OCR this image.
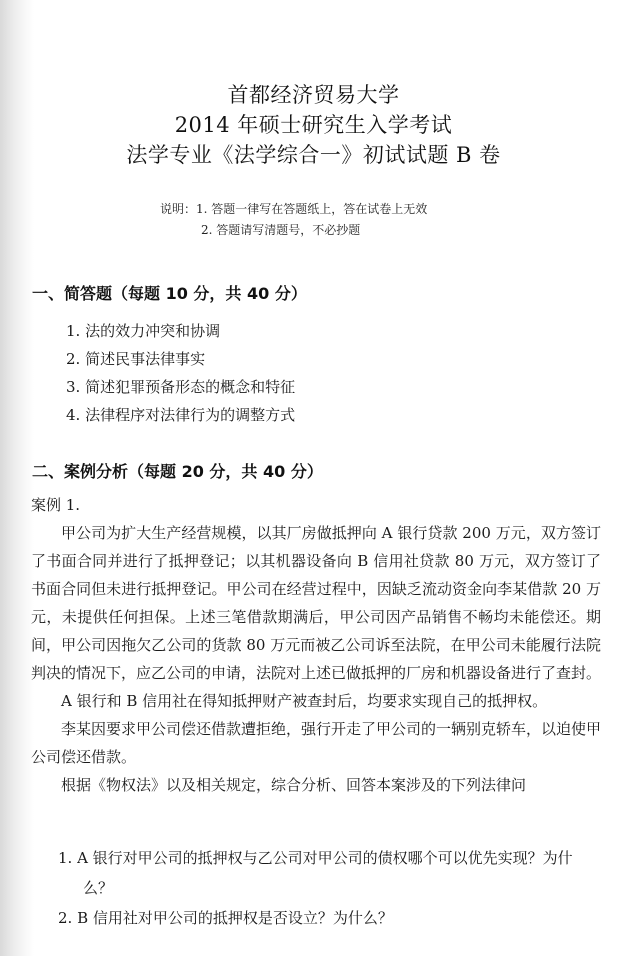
首都经济贸易大学
2014 年硕士研究生入学考试
法学专业《法学综合一》初试试题 B 卷
说明：1. 答题一律写在答题纸上，答在试卷上无效
2. 答题请写清题号，不必抄题
一、简答题（每题 10 分，共 40 分）
1. 法的效力冲突和协调
2. 简述民事法律事实
3. 简述犯罪预备形态的概念和特征
4. 法律程序对法律行为的调整方式
二、案例分析（每题 20 分，共 40 分）
案例 1.

甲公司为扩大生产经营规模，以其厂房做抵押向 A 银行贷款 200 万元，双方签订了书面合同并进行了抵押登记；以其机器设备向 B 信用社贷款 80 万元，双方签订了书面合同但未进行抵押登记。甲公司在经营过程中，因缺乏流动资金向李某借款 20 万元，未提供任何担保。上述三笔借款期满后，甲公司因产品销售不畅均未能偿还。期间，甲公司因拖欠乙公司的货款 80 万元而被乙公司诉至法院，在甲公司未能履行法院判决的情况下，应乙公司的申请，法院对上述已做抵押的厂房和机器设备进行了查封。

A 银行和 B 信用社在得知抵押财产被查封后，均要求实现自己的抵押权。

李某因要求甲公司偿还借款遭拒绝，强行开走了甲公司的一辆别克轿车，以迫使甲公司偿还借款。

根据《物权法》以及相关规定，综合分析、回答本案涉及的下列法律问

1. A 银行对甲公司的抵押权与乙公司对甲公司的债权哪个可以优先实现？为什么？
2. B 信用社对甲公司的抵押权是否设立？为什么？
